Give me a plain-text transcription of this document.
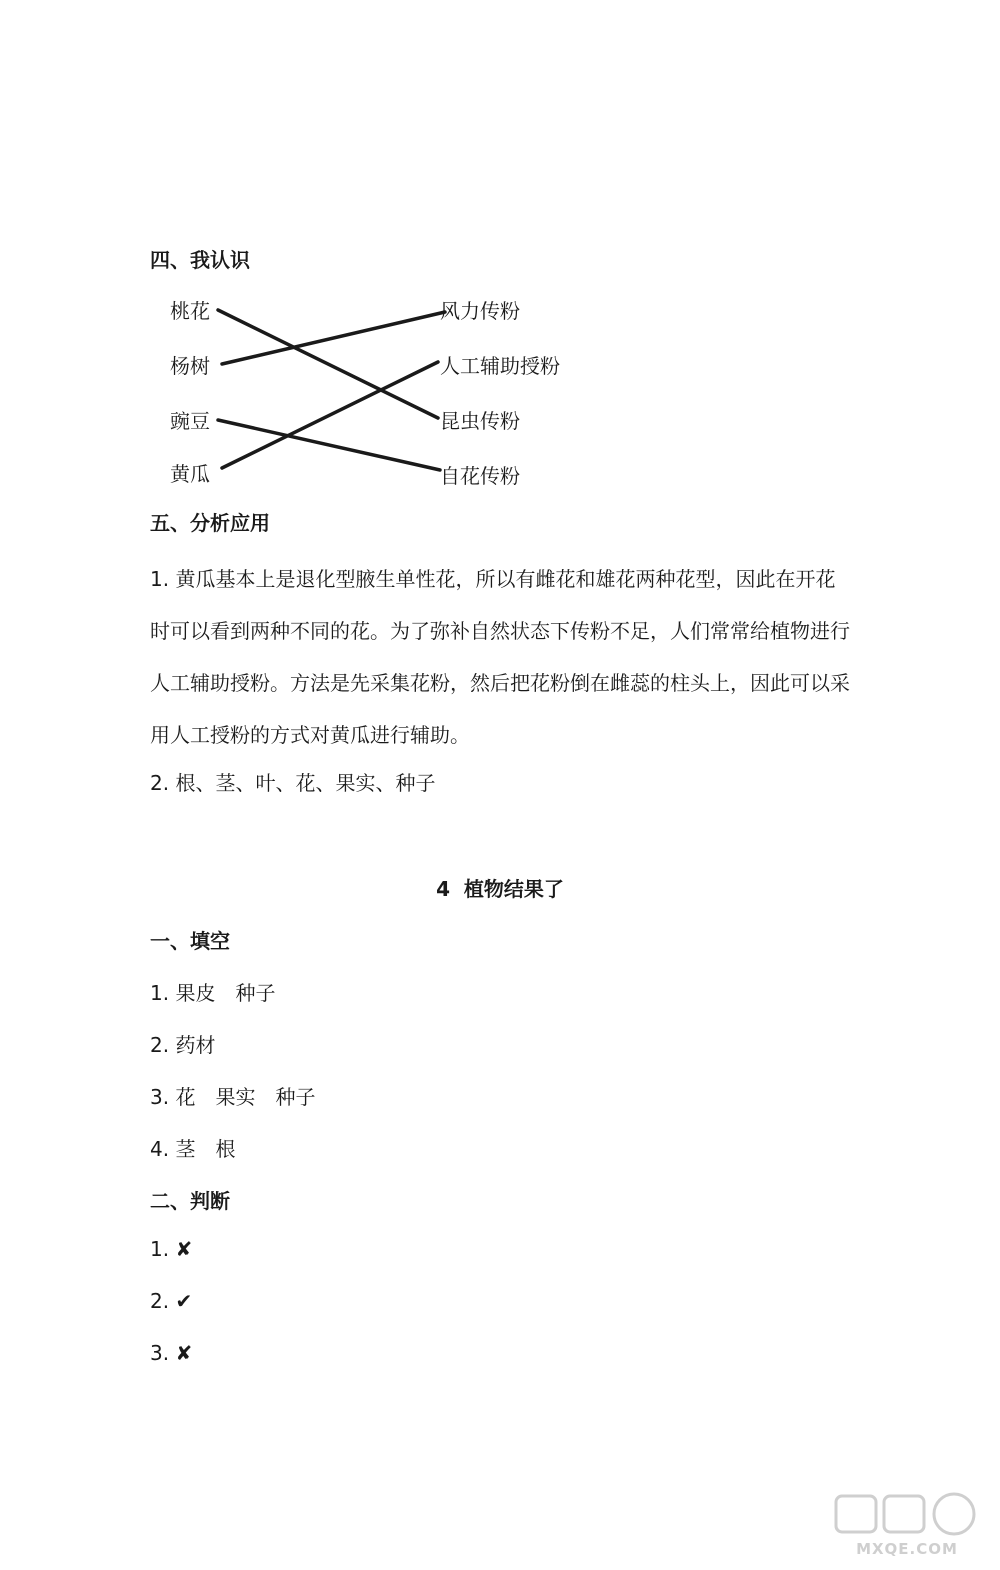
四、我认识
桃花
杨树
豌豆
黄瓜
风力传粉
人工辅助授粉
昆虫传粉
自花传粉
五、分析应用
1. 黄瓜基本上是退化型腋生单性花，所以有雌花和雄花两种花型，因此在开花
时可以看到两种不同的花。为了弥补自然状态下传粉不足，人们常常给植物进行
人工辅助授粉。方法是先采集花粉，然后把花粉倒在雌蕊的柱头上，因此可以采
用人工授粉的方式对黄瓜进行辅助。
2. 根、茎、叶、花、果实、种子
4  植物结果了
一、填空
1. 果皮　种子
2. 药材
3. 花　果实　种子
4. 茎　根
二、判断
1. ✘
2. ✔
3. ✘
MXQE.COM
